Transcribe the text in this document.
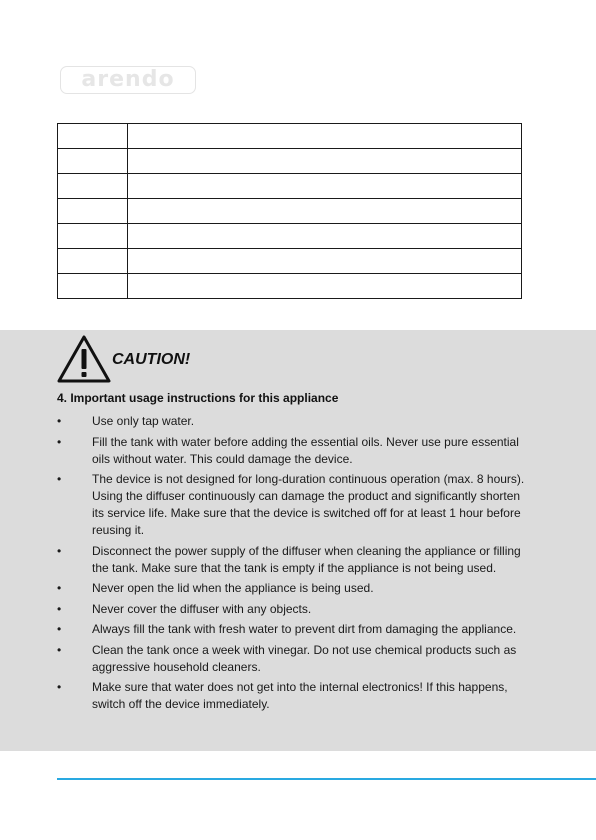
arendo

CAUTION!
4. Important usage instructions for this appliance
•	Use only tap water.
•	Fill the tank with water before adding the essential oils. Never use pure essential oils without water. This could damage the device.
•	The device is not designed for long-duration continuous operation (max. 8 hours). Using the diffuser continuously can damage the product and significantly shorten its service life. Make sure that the device is switched off for at least 1 hour before reusing it.
•	Disconnect the power supply of the diffuser when cleaning the appliance or filling the tank. Make sure that the tank is empty if the appliance is not being used.
•	Never open the lid when the appliance is being used.
•	Never cover the diffuser with any objects.
•	Always fill the tank with fresh water to prevent dirt from damaging the appliance.
•	Clean the tank once a week with vinegar. Do not use chemical products such as aggressive household cleaners.
•	Make sure that water does not get into the internal electronics! If this happens, switch off the device immediately.
